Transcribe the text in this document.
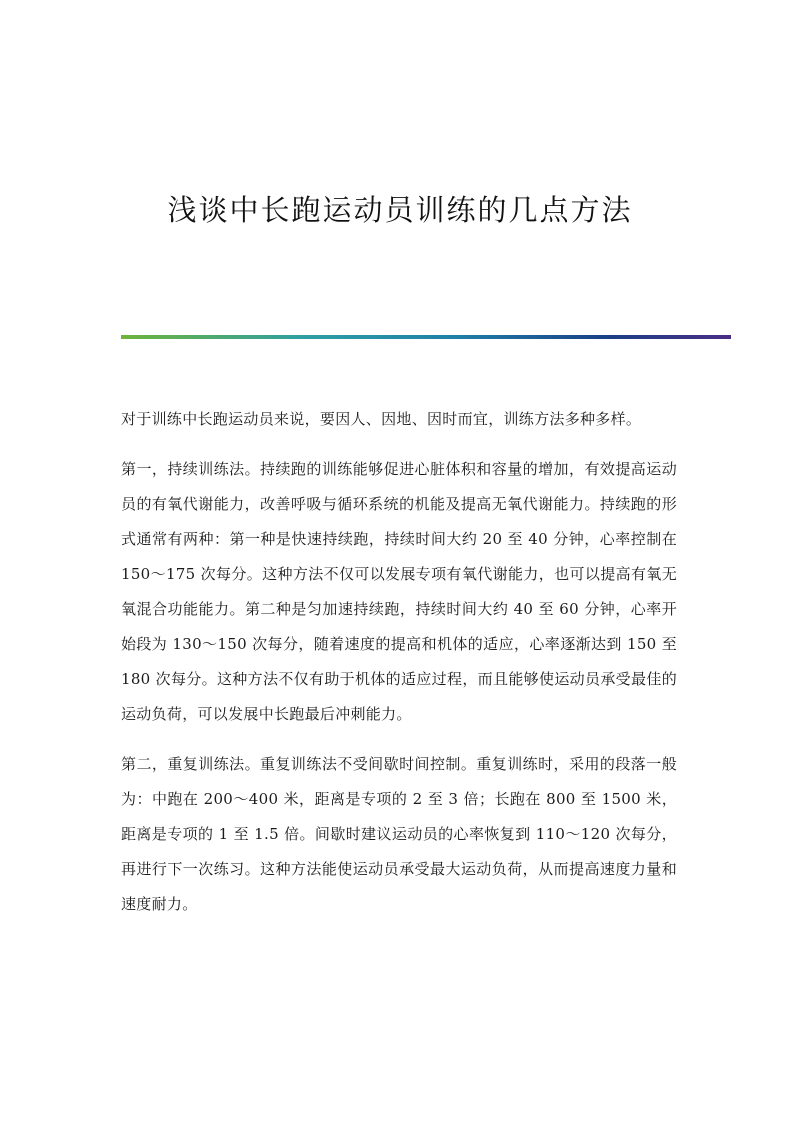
浅谈中长跑运动员训练的几点方法

对于训练中长跑运动员来说，要因人、因地、因时而宜，训练方法多种多样。

第一，持续训练法。持续跑的训练能够促进心脏体积和容量的增加，有效提高运动员的有氧代谢能力，改善呼吸与循环系统的机能及提高无氧代谢能力。持续跑的形式通常有两种：第一种是快速持续跑，持续时间大约 20 至 40 分钟，心率控制在 150～175 次每分。这种方法不仅可以发展专项有氧代谢能力，也可以提高有氧无氧混合功能能力。第二种是匀加速持续跑，持续时间大约 40 至 60 分钟，心率开始段为 130～150 次每分，随着速度的提高和机体的适应，心率逐渐达到 150 至 180 次每分。这种方法不仅有助于机体的适应过程，而且能够使运动员承受最佳的运动负荷，可以发展中长跑最后冲刺能力。

第二，重复训练法。重复训练法不受间歇时间控制。重复训练时，采用的段落一般为：中跑在 200～400 米，距离是专项的 2 至 3 倍；长跑在 800 至 1500 米，距离是专项的 1 至 1.5 倍。间歇时建议运动员的心率恢复到 110～120 次每分，再进行下一次练习。这种方法能使运动员承受最大运动负荷，从而提高速度力量和速度耐力。
